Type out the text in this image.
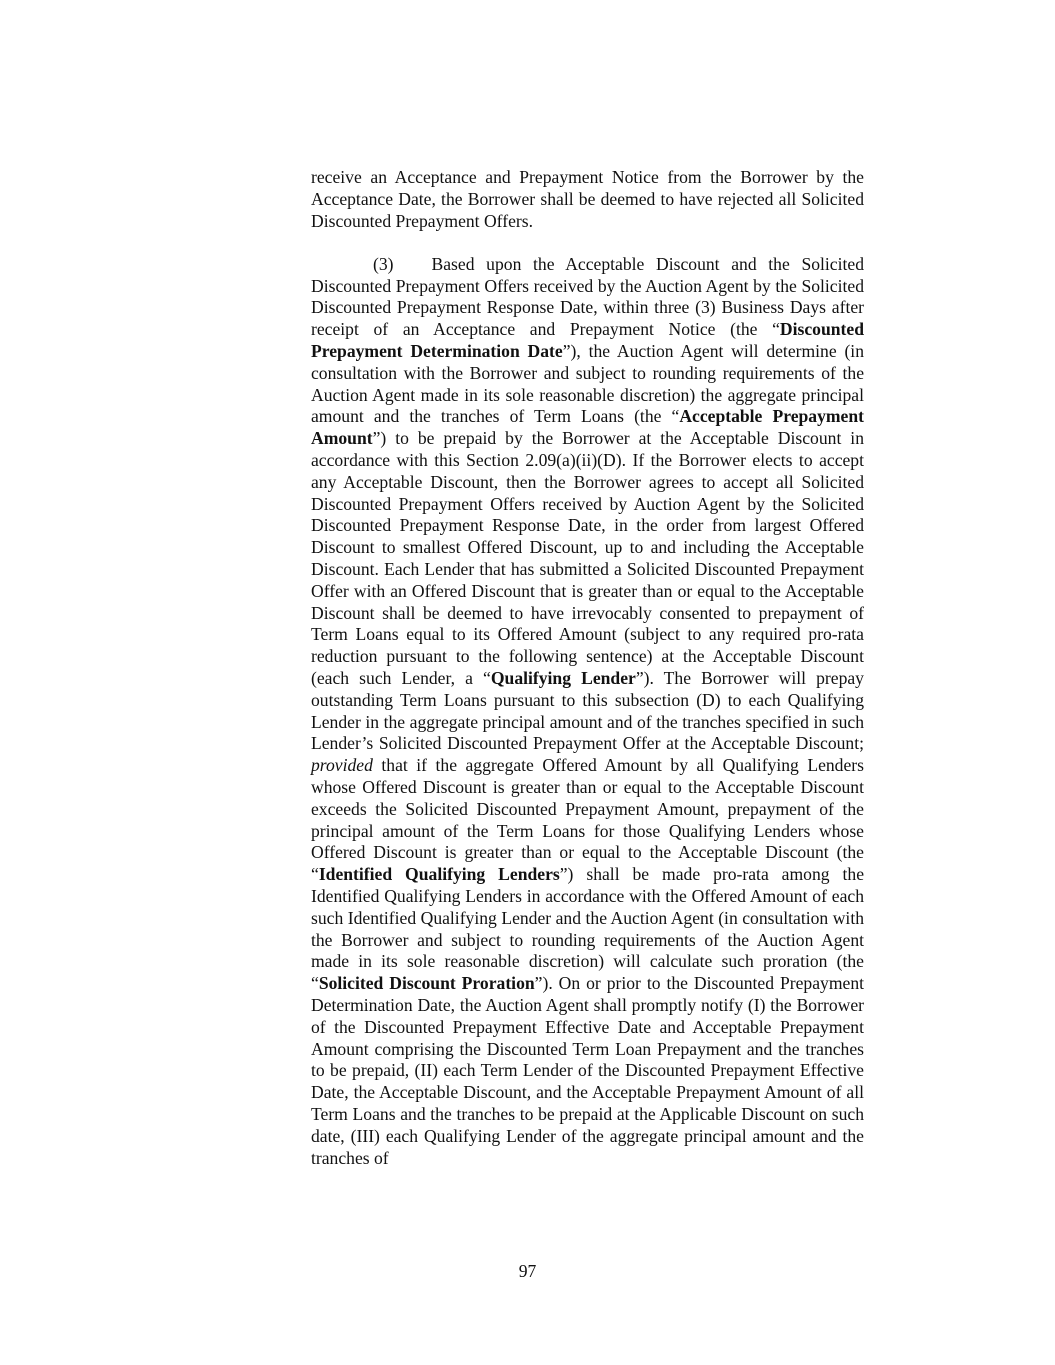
receive an Acceptance and Prepayment Notice from the Borrower by the Acceptance Date, the Borrower shall be deemed to have rejected all Solicited Discounted Prepayment Offers.

(3) Based upon the Acceptable Discount and the Solicited Discounted Prepayment Offers received by the Auction Agent by the Solicited Discounted Prepayment Response Date, within three (3) Business Days after receipt of an Acceptance and Prepayment Notice (the “Discounted Prepayment Determination Date”), the Auction Agent will determine (in consultation with the Borrower and subject to rounding requirements of the Auction Agent made in its sole reasonable discretion) the aggregate principal amount and the tranches of Term Loans (the “Acceptable Prepayment Amount”) to be prepaid by the Borrower at the Acceptable Discount in accordance with this Section 2.09(a)(ii)(D). If the Borrower elects to accept any Acceptable Discount, then the Borrower agrees to accept all Solicited Discounted Prepayment Offers received by Auction Agent by the Solicited Discounted Prepayment Response Date, in the order from largest Offered Discount to smallest Offered Discount, up to and including the Acceptable Discount. Each Lender that has submitted a Solicited Discounted Prepayment Offer with an Offered Discount that is greater than or equal to the Acceptable Discount shall be deemed to have irrevocably consented to prepayment of Term Loans equal to its Offered Amount (subject to any required pro-rata reduction pursuant to the following sentence) at the Acceptable Discount (each such Lender, a “Qualifying Lender”). The Borrower will prepay outstanding Term Loans pursuant to this subsection (D) to each Qualifying Lender in the aggregate principal amount and of the tranches specified in such Lender’s Solicited Discounted Prepayment Offer at the Acceptable Discount; provided that if the aggregate Offered Amount by all Qualifying Lenders whose Offered Discount is greater than or equal to the Acceptable Discount exceeds the Solicited Discounted Prepayment Amount, prepayment of the principal amount of the Term Loans for those Qualifying Lenders whose Offered Discount is greater than or equal to the Acceptable Discount (the “Identified Qualifying Lenders”) shall be made pro-rata among the Identified Qualifying Lenders in accordance with the Offered Amount of each such Identified Qualifying Lender and the Auction Agent (in consultation with the Borrower and subject to rounding requirements of the Auction Agent made in its sole reasonable discretion) will calculate such proration (the “Solicited Discount Proration”). On or prior to the Discounted Prepayment Determination Date, the Auction Agent shall promptly notify (I) the Borrower of the Discounted Prepayment Effective Date and Acceptable Prepayment Amount comprising the Discounted Term Loan Prepayment and the tranches to be prepaid, (II) each Term Lender of the Discounted Prepayment Effective Date, the Acceptable Discount, and the Acceptable Prepayment Amount of all Term Loans and the tranches to be prepaid at the Applicable Discount on such date, (III) each Qualifying Lender of the aggregate principal amount and the tranches of

97
